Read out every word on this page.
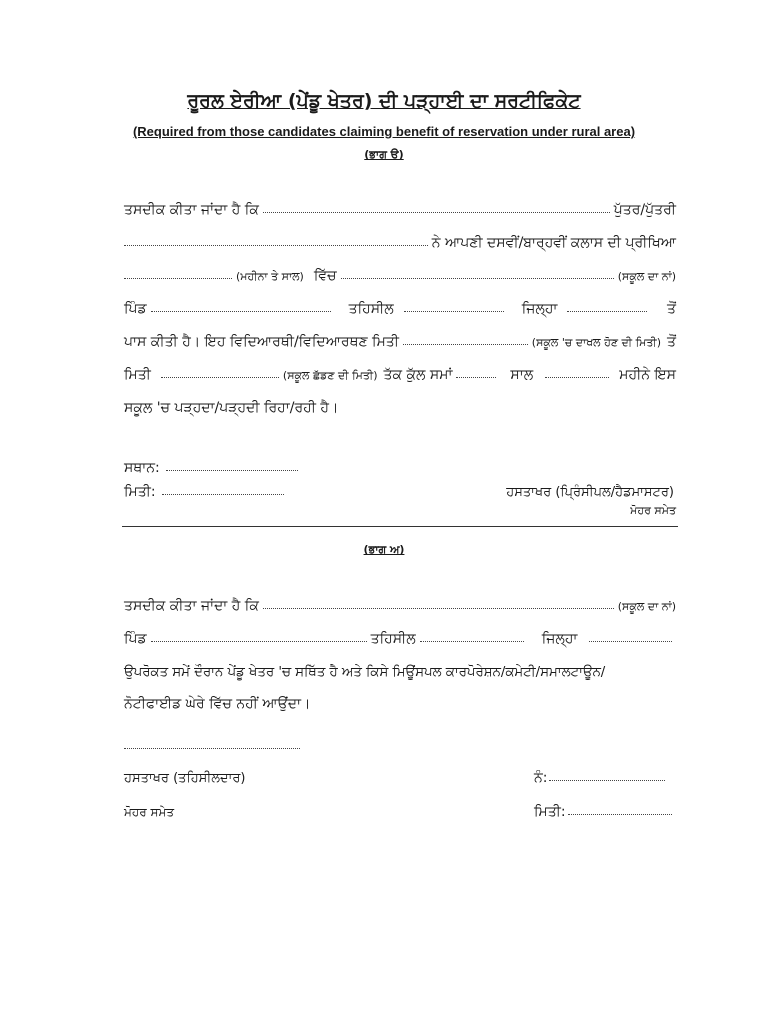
ਰੂਰਲ ਏਰੀਆ (ਪੇਂਡੂ ਖੇਤਰ) ਦੀ ਪੜ੍ਹਾਈ ਦਾ ਸਰਟੀਫਿਕੇਟ
(Required from those candidates claiming benefit of reservation under rural area)
(ਭਾਗ ੳ)
ਤਸਦੀਕ ਕੀਤਾ ਜਾਂਦਾ ਹੈ ਕਿ	ਪੁੱਤਰ/ਪੁੱਤਰੀ
ਨੇ ਆਪਣੀ ਦਸਵੀਂ/ਬਾਰ੍ਹਵੀਂ ਕਲਾਸ ਦੀ ਪ੍ਰੀਖਿਆ
(ਮਹੀਨਾ ਤੇ ਸਾਲ) ਵਿੱਚ	(ਸਕੂਲ ਦਾ ਨਾਂ)
ਪਿੰਡ	ਤਹਿਸੀਲ	ਜਿਲ੍ਹਾ	ਤੋਂ
ਪਾਸ ਕੀਤੀ ਹੈ। ਇਹ ਵਿਦਿਆਰਥੀ/ਵਿਦਿਆਰਥਣ ਮਿਤੀ	(ਸਕੂਲ 'ਚ ਦਾਖਲ ਹੋਣ ਦੀ ਮਿਤੀ) ਤੋਂ
ਮਿਤੀ	(ਸਕੂਲ ਛੱਡਣ ਦੀ ਮਿਤੀ) ਤੱਕ ਕੁੱਲ ਸਮਾਂ	ਸਾਲ	ਮਹੀਨੇ ਇਸ
ਸਕੂਲ 'ਚ ਪੜ੍ਹਦਾ/ਪੜ੍ਹਦੀ ਰਿਹਾ/ਰਹੀ ਹੈ।
ਸਥਾਨ:
ਮਿਤੀ:	ਹਸਤਾਖਰ (ਪ੍ਰਿੰਸੀਪਲ/ਹੈਡਮਾਸਟਰ)
ਮੋਹਰ ਸਮੇਤ
(ਭਾਗ ਅ)
ਤਸਦੀਕ ਕੀਤਾ ਜਾਂਦਾ ਹੈ ਕਿ	(ਸਕੂਲ ਦਾ ਨਾਂ)
ਪਿੰਡ	ਤਹਿਸੀਲ	ਜਿਲ੍ਹਾ
ਉਪਰੋਕਤ ਸਮੇਂ ਦੌਰਾਨ ਪੇਂਡੂ ਖੇਤਰ 'ਚ ਸਥਿੱਤ ਹੈ ਅਤੇ ਕਿਸੇ ਮਿਊਂਸਪਲ ਕਾਰਪੋਰੇਸ਼ਨ/ਕਮੇਟੀ/ਸਮਾਲਟਾਊਨ/
ਨੋਟੀਫਾਈਡ ਘੇਰੇ ਵਿੱਚ ਨਹੀਂ ਆਉਂਦਾ।
ਹਸਤਾਖਰ (ਤਹਿਸੀਲਦਾਰ)	ਨੰ:
ਮੋਹਰ ਸਮੇਤ	ਮਿਤੀ:
